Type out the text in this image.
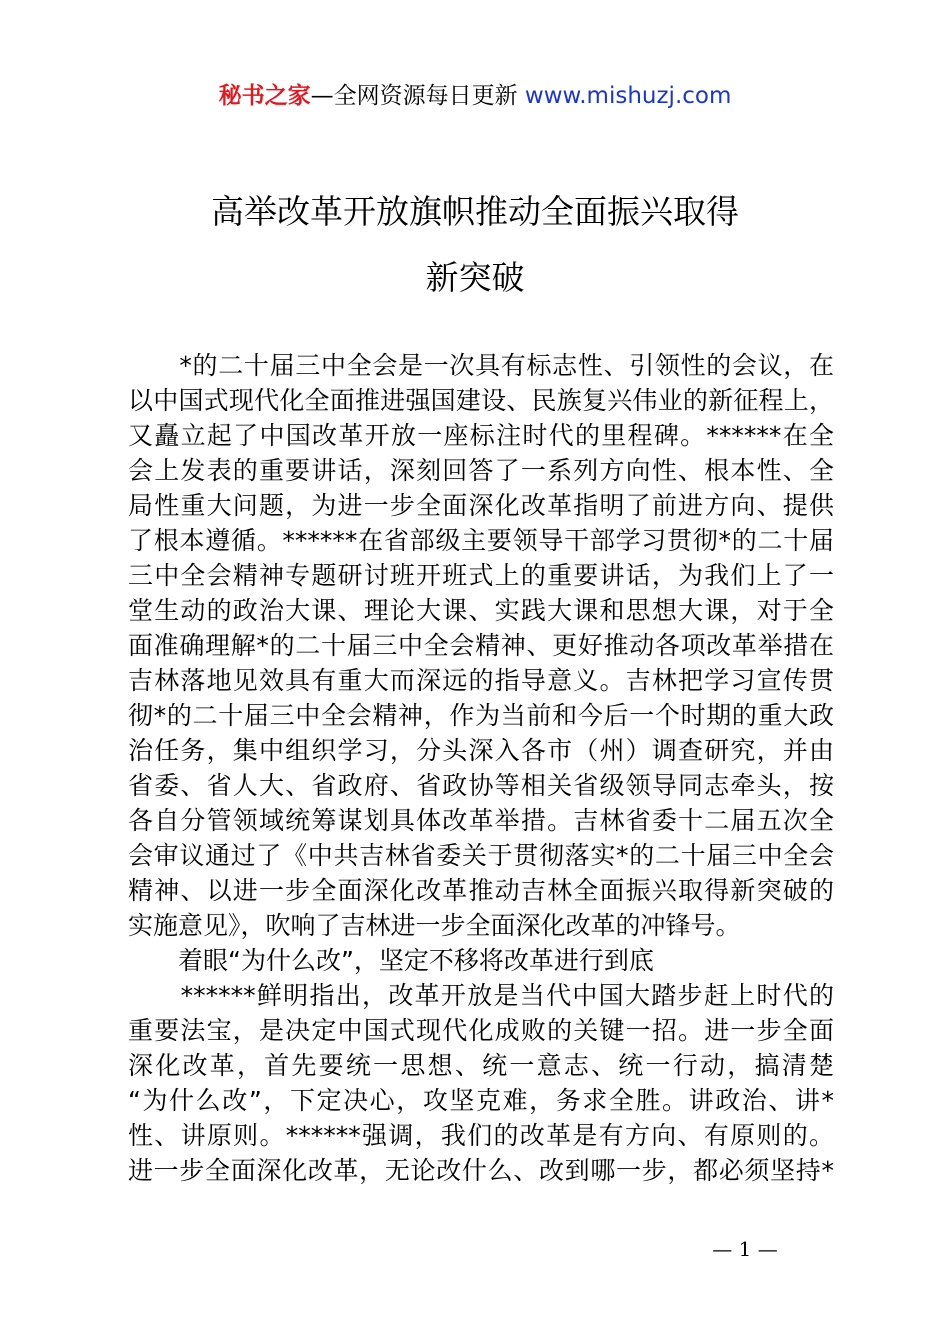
秘书之家—全网资源每日更新 www.mishuzj.com
高举改革开放旗帜推动全面振兴取得
新突破
　　*的二十届三中全会是一次具有标志性、引领性的会议，在
以中国式现代化全面推进强国建设、民族复兴伟业的新征程上，
又矗立起了中国改革开放一座标注时代的里程碑。******在全
会上发表的重要讲话，深刻回答了一系列方向性、根本性、全
局性重大问题，为进一步全面深化改革指明了前进方向、提供
了根本遵循。******在省部级主要领导干部学习贯彻*的二十届
三中全会精神专题研讨班开班式上的重要讲话，为我们上了一
堂生动的政治大课、理论大课、实践大课和思想大课，对于全
面准确理解*的二十届三中全会精神、更好推动各项改革举措在
吉林落地见效具有重大而深远的指导意义。吉林把学习宣传贯
彻*的二十届三中全会精神，作为当前和今后一个时期的重大政
治任务，集中组织学习，分头深入各市（州）调查研究，并由
省委、省人大、省政府、省政协等相关省级领导同志牵头，按
各自分管领域统筹谋划具体改革举措。吉林省委十二届五次全
会审议通过了《中共吉林省委关于贯彻落实*的二十届三中全会
精神、以进一步全面深化改革推动吉林全面振兴取得新突破的
实施意见》，吹响了吉林进一步全面深化改革的冲锋号。
　　着眼“为什么改”，坚定不移将改革进行到底
　　******鲜明指出，改革开放是当代中国大踏步赶上时代的
重要法宝，是决定中国式现代化成败的关键一招。进一步全面
深化改革，首先要统一思想、统一意志、统一行动，搞清楚
“为什么改”，下定决心，攻坚克难，务求全胜。讲政治、讲*
性、讲原则。******强调，我们的改革是有方向、有原则的。
进一步全面深化改革，无论改什么、改到哪一步，都必须坚持*
— 1 —
